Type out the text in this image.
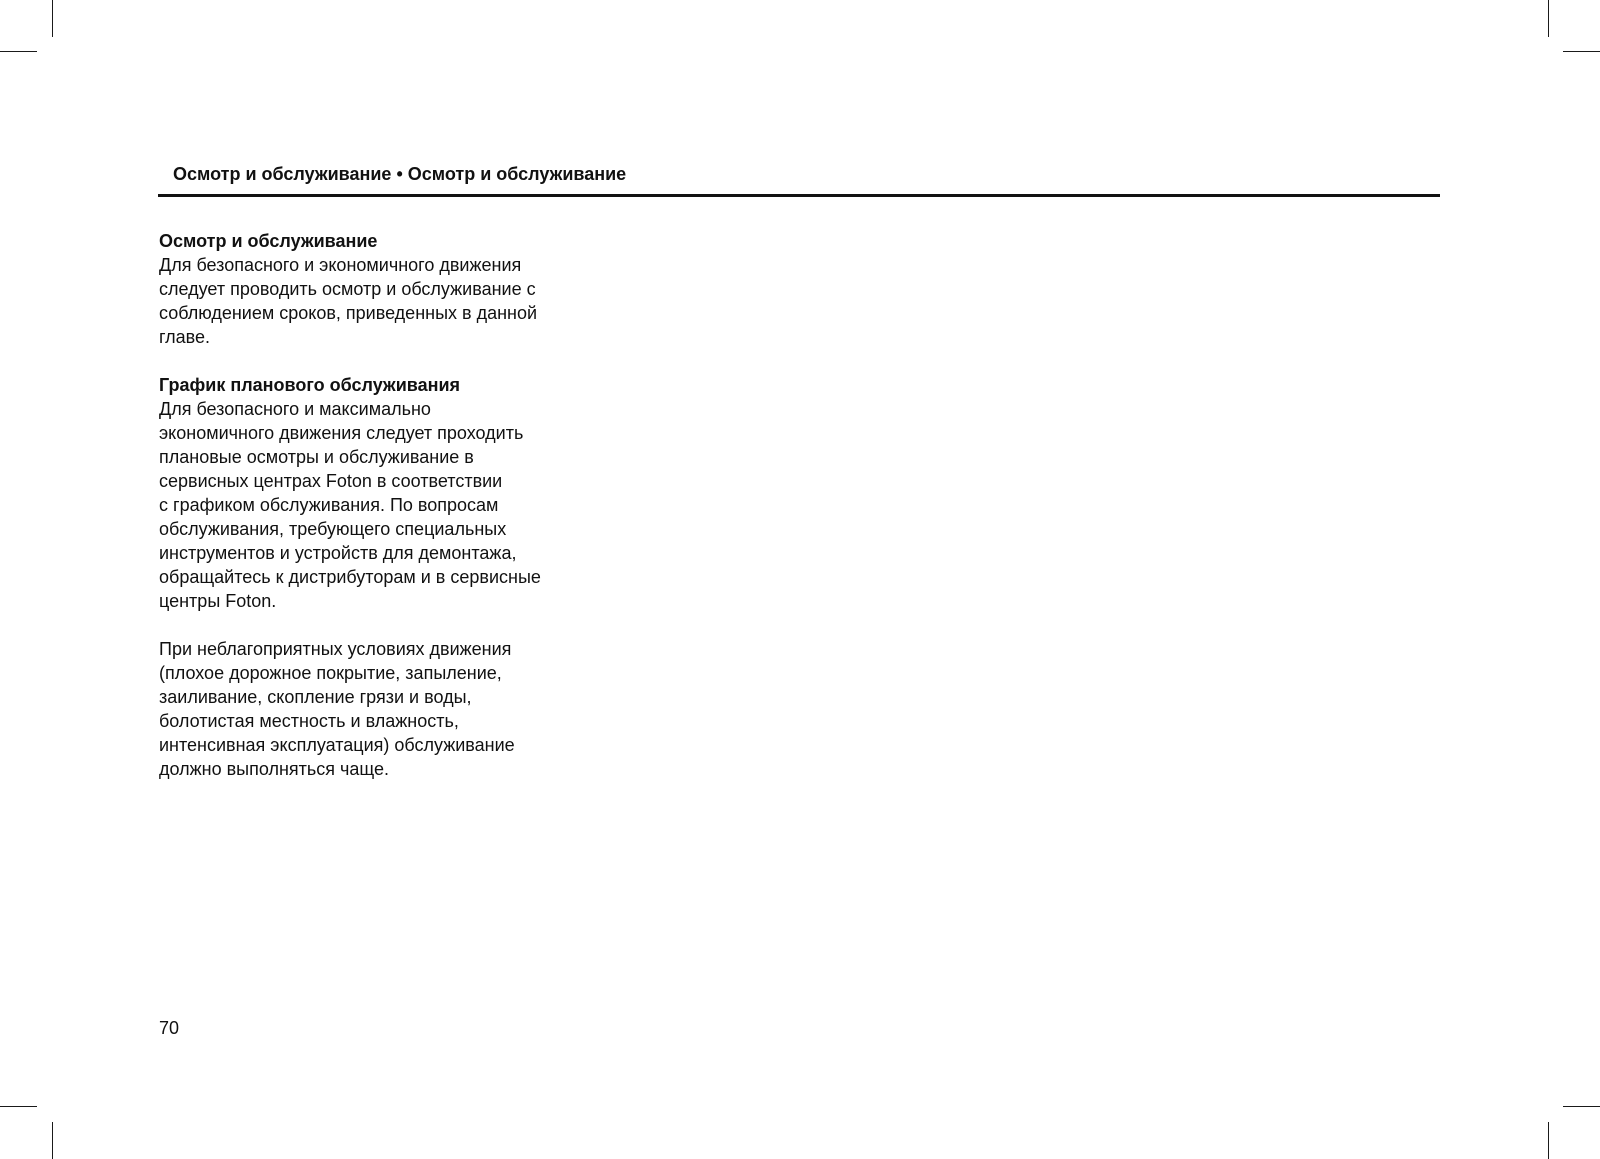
Осмотр и обслуживание • Осмотр и обслуживание
Осмотр и обслуживание
Для безопасного и экономичного движения
следует проводить осмотр и обслуживание с
соблюдением сроков, приведенных в данной
главе.
График планового обслуживания
Для безопасного и максимально
экономичного движения следует проходить
плановые осмотры и обслуживание в
сервисных центрах Foton в соответствии
с графиком обслуживания. По вопросам
обслуживания, требующего специальных
инструментов и устройств для демонтажа,
обращайтесь к дистрибуторам и в сервисные
центры Foton.
При неблагоприятных условиях движения
(плохое дорожное покрытие, запыление,
заиливание, скопление грязи и воды,
болотистая местность и влажность,
интенсивная эксплуатация) обслуживание
должно выполняться чаще.
70
